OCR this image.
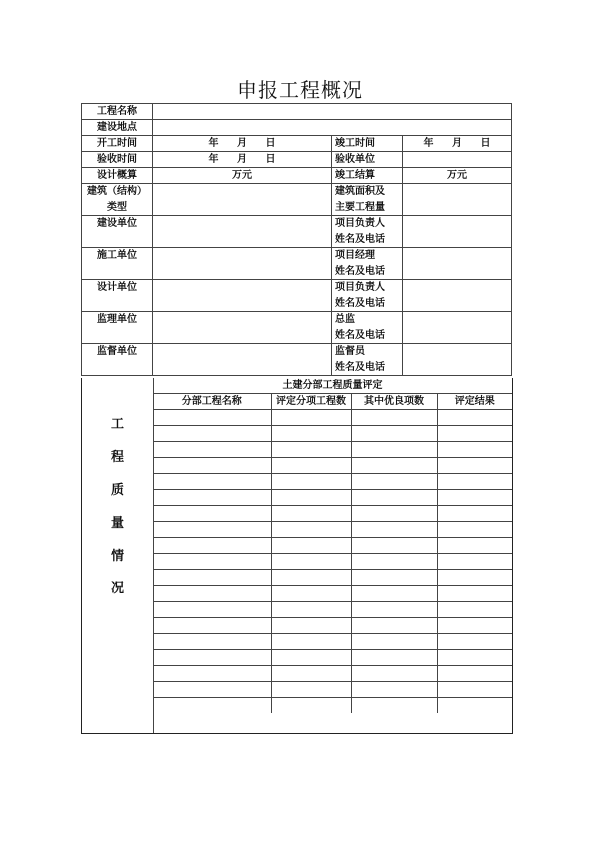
申报工程概况
工程名称			
建设地点			
开工时间	年 月 日	竣工时间	年 月 日
验收时间	年 月 日	验收单位	
设计概算	万元	竣工结算	万元

建筑（结构）
类型		建筑面积及
主要工程量	

建设单位		项目负责人
姓名及电话	

施工单位		项目经理
姓名及电话	

设计单位		项目负责人
姓名及电话	

监理单位		总监
姓名及电话	

监督单位		监督员
姓名及电话	

工
程
质
量
情
况
土建分部工程质量评定
分部工程名称	评定分项工程数	其中优良项数	评定结果
